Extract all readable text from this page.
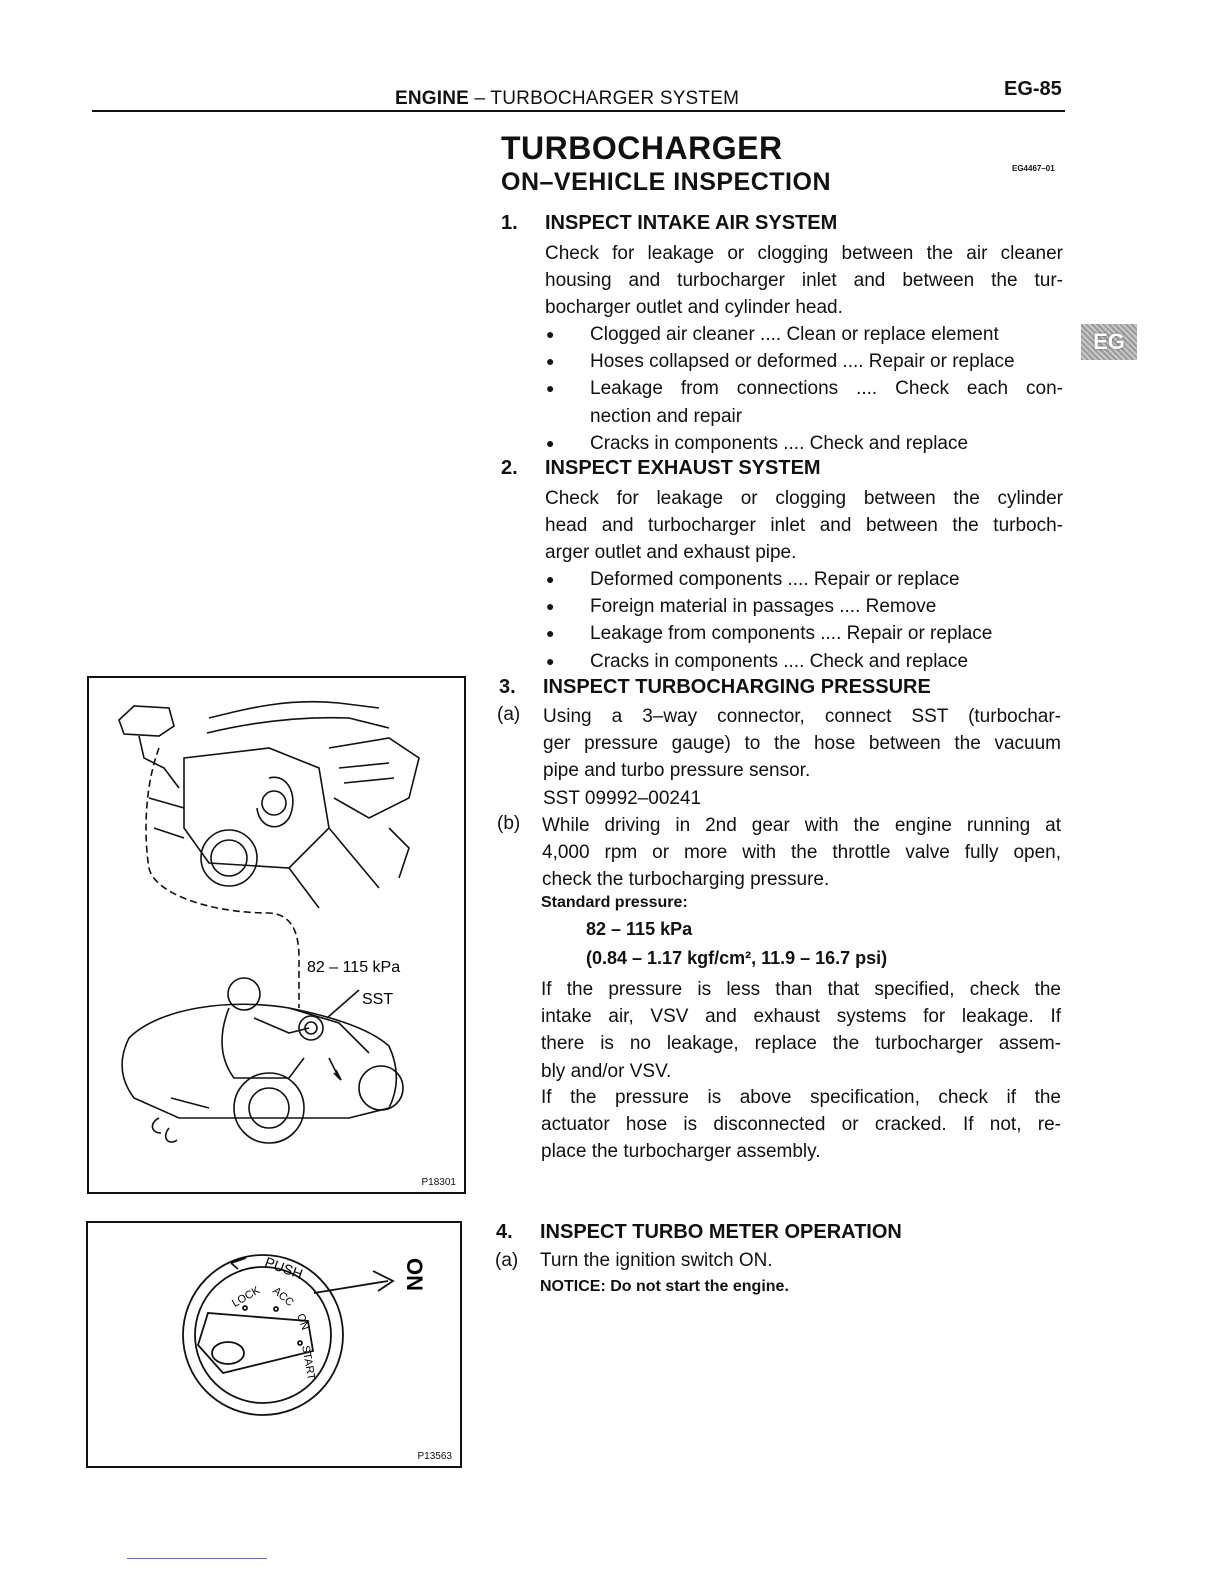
ENGINE – TURBOCHARGER SYSTEM	EG-85
TURBOCHARGER
ON–VEHICLE INSPECTION	EG4467–01
EG
1. INSPECT INTAKE AIR SYSTEM
Check for leakage or clogging between the air cleaner
housing and turbocharger inlet and between the tur-
bocharger outlet and cylinder head.
● Clogged air cleaner .... Clean or replace element
● Hoses collapsed or deformed .... Repair or replace
● Leakage from connections .... Check each con-
nection and repair
● Cracks in components .... Check and replace
2. INSPECT EXHAUST SYSTEM
Check for leakage or clogging between the cylinder
head and turbocharger inlet and between the turboch-
arger outlet and exhaust pipe.
● Deformed components .... Repair or replace
● Foreign material in passages .... Remove
● Leakage from components .... Repair or replace
● Cracks in components .... Check and replace
3. INSPECT TURBOCHARGING PRESSURE
(a) Using a 3–way connector, connect SST (turbochar-
ger pressure gauge) to the hose between the vacuum
pipe and turbo pressure sensor.
SST 09992–00241
(b) While driving in 2nd gear with the engine running at
4,000 rpm or more with the throttle valve fully open,
check the turbocharging pressure.
Standard pressure:
82 – 115 kPa
(0.84 – 1.17 kgf/cm², 11.9 – 16.7 psi)
If the pressure is less than that specified, check the
intake air, VSV and exhaust systems for leakage. If
there is no leakage, replace the turbocharger assem-
bly and/or VSV.
If the pressure is above specification, check if the
actuator hose is disconnected or cracked. If not, re-
place the turbocharger assembly.
4. INSPECT TURBO METER OPERATION
(a) Turn the ignition switch ON.
NOTICE: Do not start the engine.
82 – 115 kPa
SST
P18301
PUSH
LOCK ACC
ON
START
ON
P13563
